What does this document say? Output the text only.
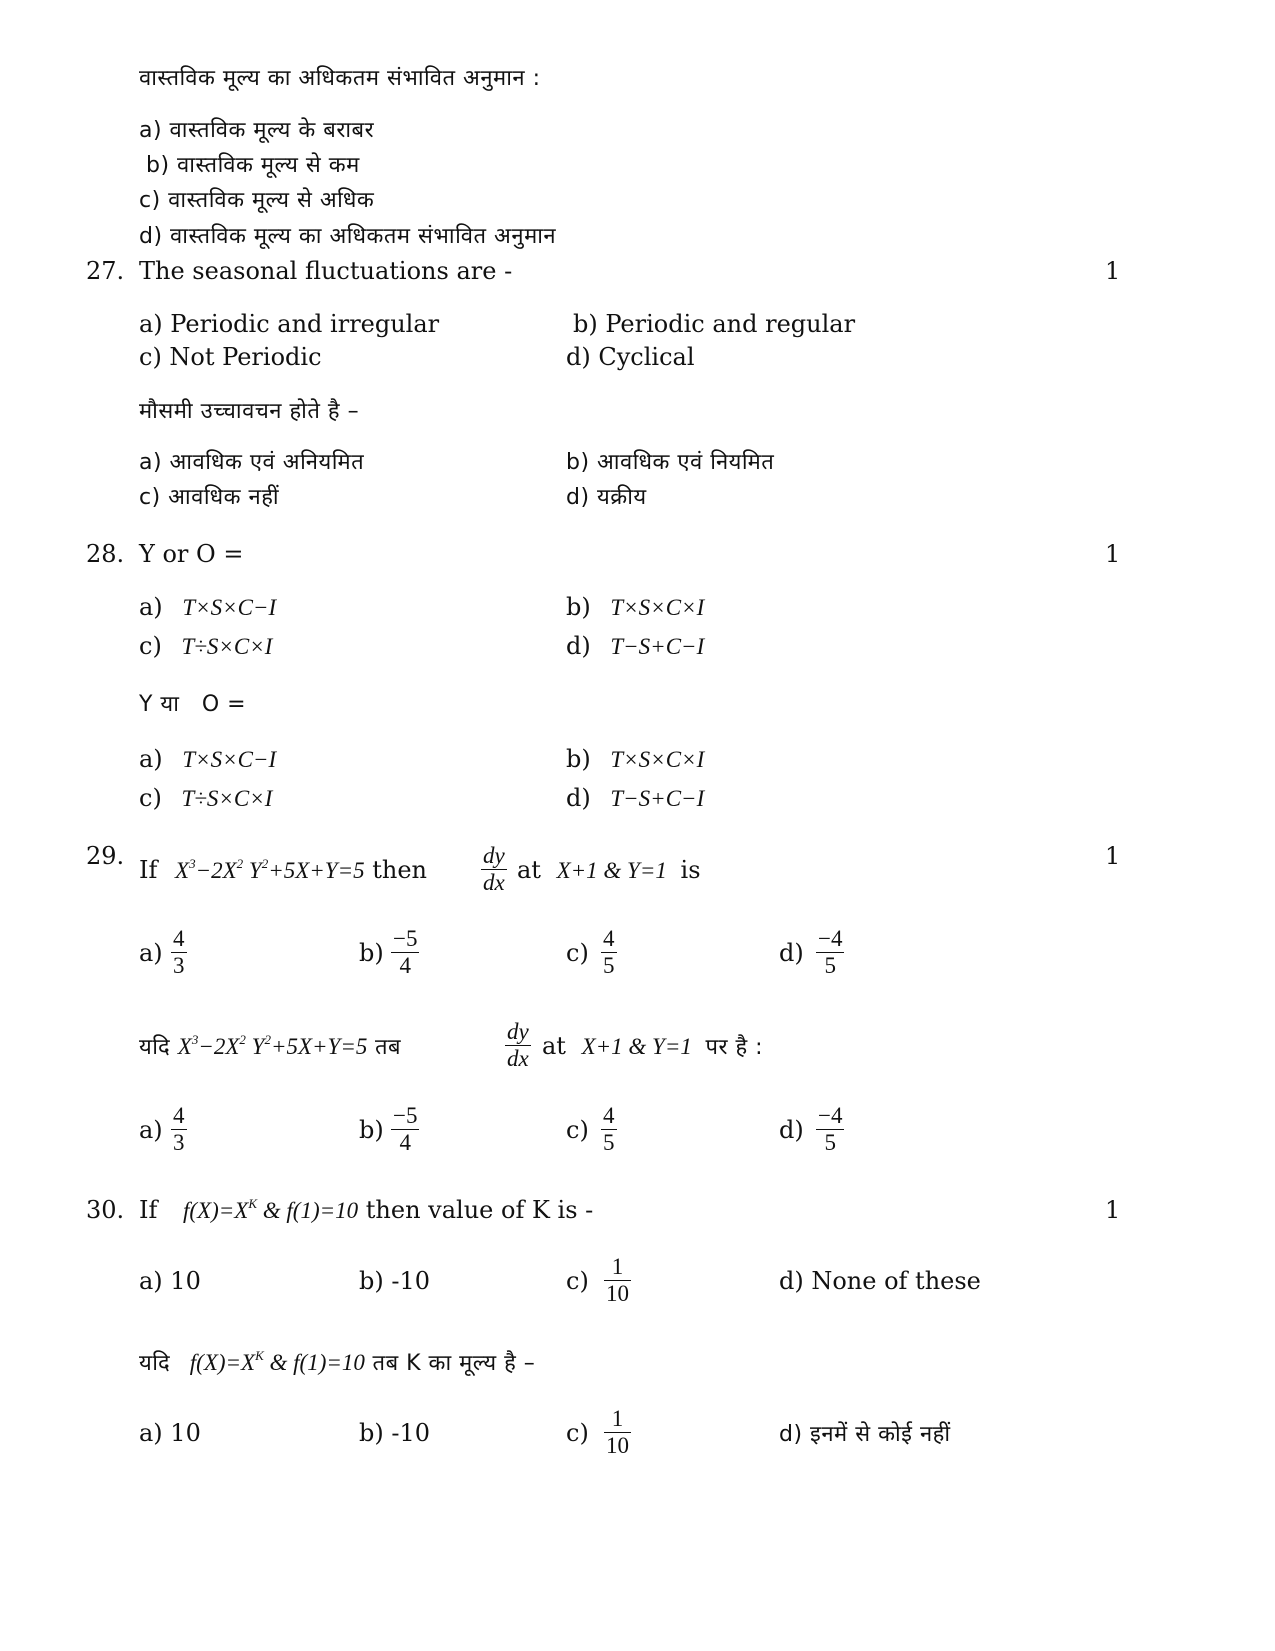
वास्तविक मूल्य का अधिकतम संभावित अनुमान :
a) वास्तविक मूल्य के बराबर
b) वास्तविक मूल्य से कम
c) वास्तविक मूल्य से अधिक
d) वास्तविक मूल्य का अधिकतम संभावित अनुमान
27. The seasonal fluctuations are -	1
a) Periodic and irregular	b) Periodic and regular
c) Not Periodic	d) Cyclical
मौसमी उच्चावचन होते है –
a) आवधिक एवं अनियमित	b) आवधिक एवं नियमित
c) आवधिक नहीं	d) यक्रीय
28. Y or O =	1
a) T×S×C−I	b) T×S×C×I
c) T÷S×C×I	d) T−S+C−I
Y या   O =
a) T×S×C−I	b) T×S×C×I
c) T÷S×C×I	d) T−S+C−I
29.	1
If $X^3-2X^2$ $Y^2+5X+Y=5$ then $\frac{dy}{dx}$ at X+1 & Y=1 is
$a) \frac{4}{3}$	$b) \frac{-5}{4}$	$c) \frac{4}{5}$	$d) \frac{-4}{5}$
यदि $X^3-2X^2$ $Y^2+5X+Y=5$ तब	$\frac{dy}{dx}$ at X+1 & Y=1 पर है :
$a) \frac{4}{3}$	$b) \frac{-5}{4}$	$c) \frac{4}{5}$	$d) \frac{-4}{5}$
30.	1
If $f(X)=X^K$ & f(1)=10 then value of K is -
a) 10	b) -10	$c) \frac{1}{10}$	d) None of these
यदि $f(X)=X^K$ & f(1)=10 तब K का मूल्य है –
a) 10	b) -10	$c) \frac{1}{10}$	d) इनमें से कोई नहीं
